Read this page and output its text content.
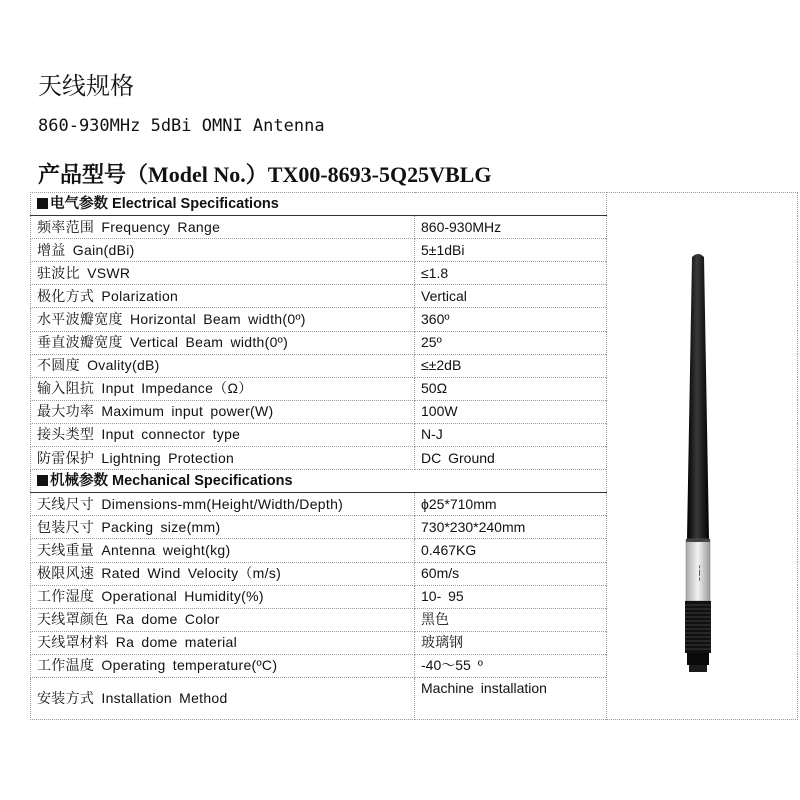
天线规格
860-930MHz 5dBi OMNI Antenna
产品型号（Model No.）TX00-8693-5Q25VBLG
电气参数 Electrical Specifications		━ ━━ ━

频率范围 Frequency Range	860-930MHz	
增益 Gain(dBi)	5±1dBi	
驻波比 VSWR	≤1.8	
极化方式 Polarization	Vertical	
水平波瓣宽度 Horizontal Beam width(0º)	360º	
垂直波瓣宽度 Vertical Beam width(0º)	25º	
不圆度 Ovality(dB)	≤±2dB	
输入阻抗 Input Impedance（Ω）	50Ω	
最大功率 Maximum input power(W)	100W	
接头类型 Input connector type	N-J	
防雷保护 Lightning Protection	DC Ground	
机械参数 Mechanical Specifications		
天线尺寸 Dimensions-mm(Height/Width/Depth)	ϕ25*710mm	
包装尺寸 Packing size(mm)	730*230*240mm	
天线重量 Antenna weight(kg)	0.467KG	
极限风速 Rated Wind Velocity（m/s)	60m/s	
工作湿度 Operational Humidity(%)	10- 95	
天线罩颜色 Ra dome Color	黑色	
天线罩材料 Ra dome material	玻璃钢	
工作温度 Operating temperature(ºC)	-40～55 º	
安装方式 Installation Method	Machine installation	
